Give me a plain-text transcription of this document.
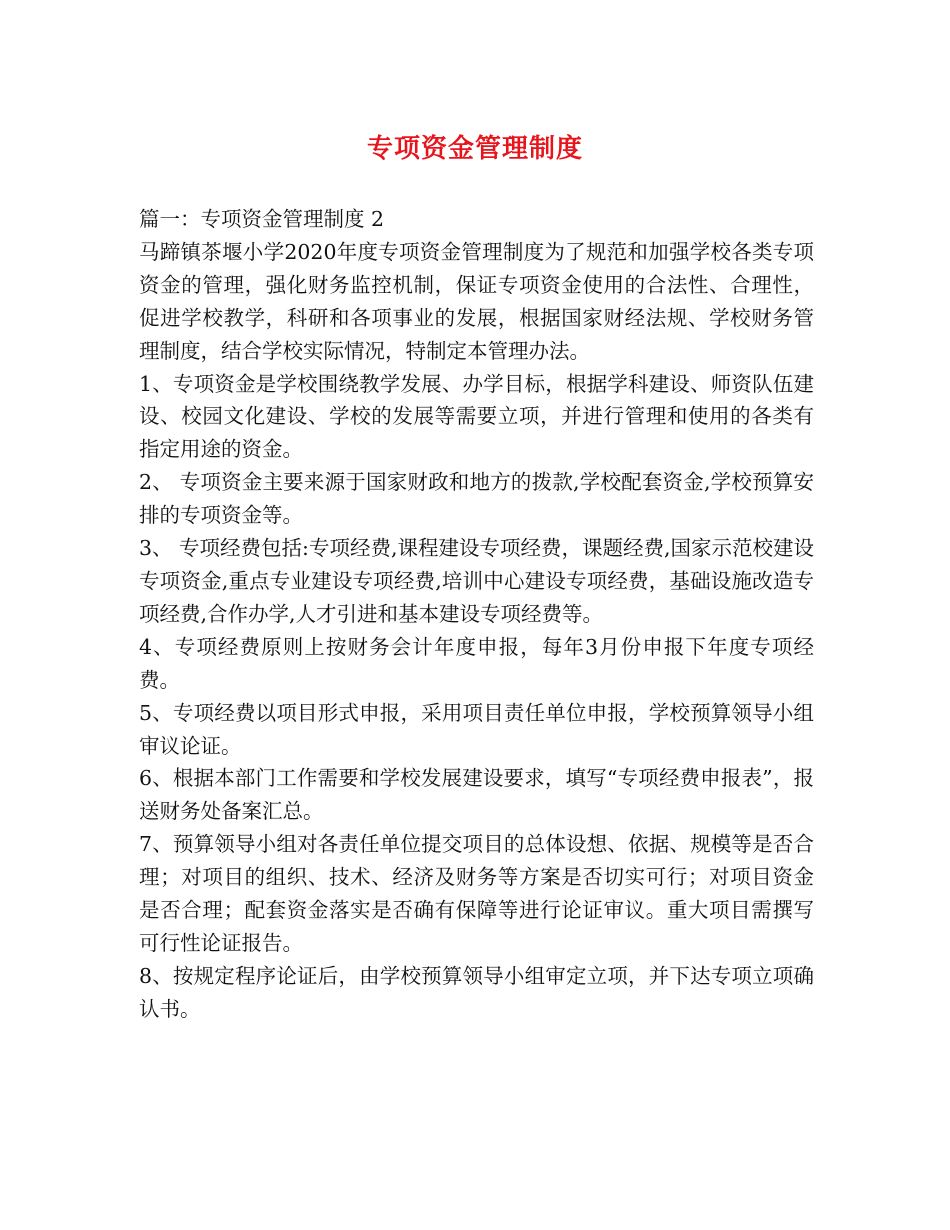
专项资金管理制度

篇一：专项资金管理制度 2

马蹄镇茶堰小学2020年度专项资金管理制度为了规范和加强学校各类专项资金的管理，强化财务监控机制，保证专项资金使用的合法性、合理性，促进学校教学，科研和各项事业的发展，根据国家财经法规、学校财务管理制度，结合学校实际情况，特制定本管理办法。

1、专项资金是学校围绕教学发展、办学目标，根据学科建设、师资队伍建设、校园文化建设、学校的发展等需要立项，并进行管理和使用的各类有指定用途的资金。

2、 专项资金主要来源于国家财政和地方的拨款,学校配套资金,学校预算安排的专项资金等。

3、 专项经费包括:专项经费,课程建设专项经费，课题经费,国家示范校建设专项资金,重点专业建设专项经费,培训中心建设专项经费，基础设施改造专项经费,合作办学,人才引进和基本建设专项经费等。

4、专项经费原则上按财务会计年度申报，每年3月份申报下年度专项经费。

5、专项经费以项目形式申报，采用项目责任单位申报，学校预算领导小组审议论证。

6、根据本部门工作需要和学校发展建设要求，填写“专项经费申报表”，报送财务处备案汇总。

7、预算领导小组对各责任单位提交项目的总体设想、依据、规模等是否合理；对项目的组织、技术、经济及财务等方案是否切实可行；对项目资金是否合理；配套资金落实是否确有保障等进行论证审议。重大项目需撰写可行性论证报告。

8、按规定程序论证后，由学校预算领导小组审定立项，并下达专项立项确认书。
